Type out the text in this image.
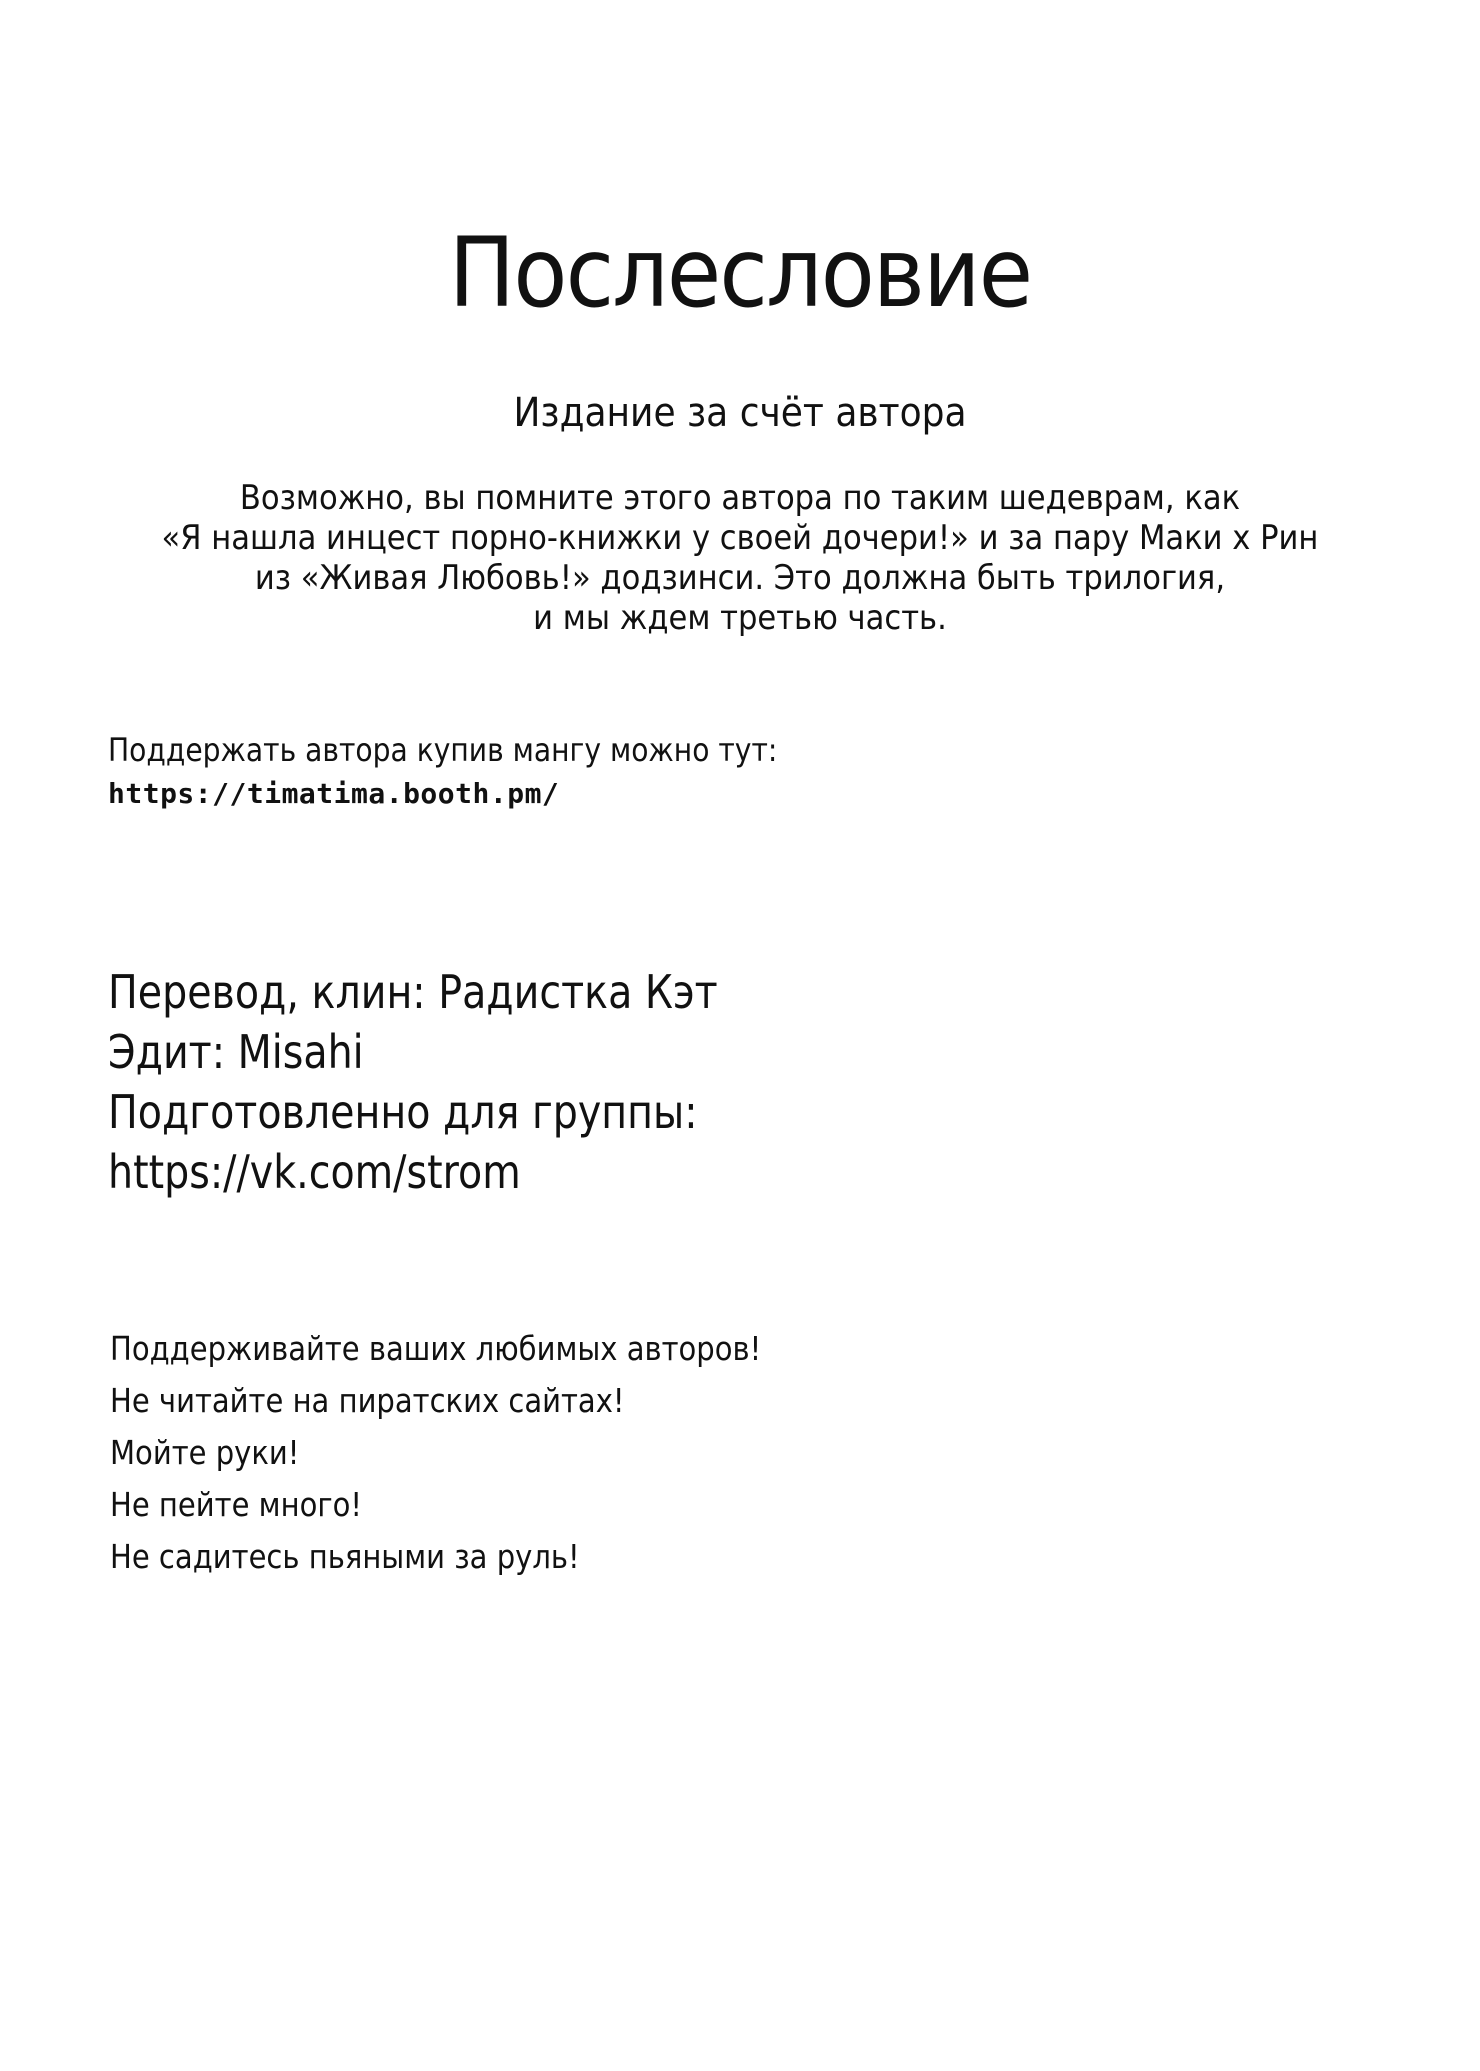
Послесловие
Издание за счёт автора
Возможно, вы помните этого автора по таким шедеврам, как
«Я нашла инцест порно-книжки у своей дочери!» и за пару Маки x Рин
из «Живая Любовь!» додзинси. Это должна быть трилогия,
и мы ждем третью часть.
Поддержать автора купив мангу можно тут:
https://timatima.booth.pm/
Перевод, клин: Радистка Кэт
Эдит: Misahi
Подготовленно для группы:
https://vk.com/strom
Поддерживайте ваших любимых авторов!
Не читайте на пиратских сайтах!
Мойте руки!
Не пейте много!
Не садитесь пьяными за руль!
